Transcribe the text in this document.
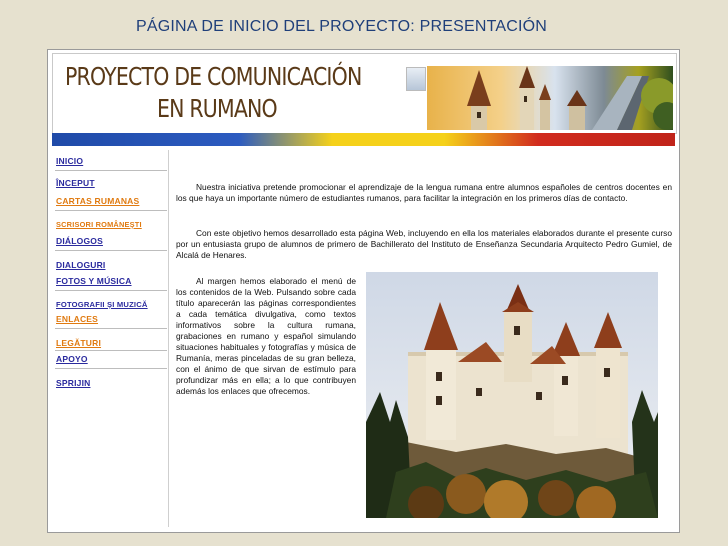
PÁGINA DE INICIO DEL PROYECTO: PRESENTACIÓN
PROYECTO DE COMUNICACIÓN
EN RUMANO
INICIO
ÎNCEPUT
CARTAS RUMANAS
SCRISORI ROMÂNEŞTI
DIÁLOGOS
DIALOGURI
FOTOS Y MÚSICA
FOTOGRAFII ŞI MUZICĂ
ENLACES
LEGĂTURI
APOYO
SPRIJIN
Nuestra iniciativa pretende promocionar el aprendizaje de la lengua rumana entre alumnos españoles de centros docentes en los que haya un importante número de estudiantes rumanos, para facilitar la integración en los primeros días de contacto.
Con este objetivo hemos desarrollado esta página Web, incluyendo en ella los materiales elaborados durante el presente curso por un entusiasta grupo de alumnos de primero de Bachillerato del Instituto de Enseñanza Secundaria Arquitecto Pedro Gumiel, de Alcalá de Henares.
Al margen hemos elaborado el menú de los contenidos de la Web. Pulsando sobre cada título aparecerán las páginas correspondientes a cada temática divulgativa, como textos informativos sobre la cultura rumana, grabaciones en rumano y español simulando situaciones habituales y fotografías y música de Rumanía, meras pinceladas de su gran belleza, con el ánimo de que sirvan de estímulo para profundizar más en ella; a lo que contribuyen además los enlaces que ofrecemos.
